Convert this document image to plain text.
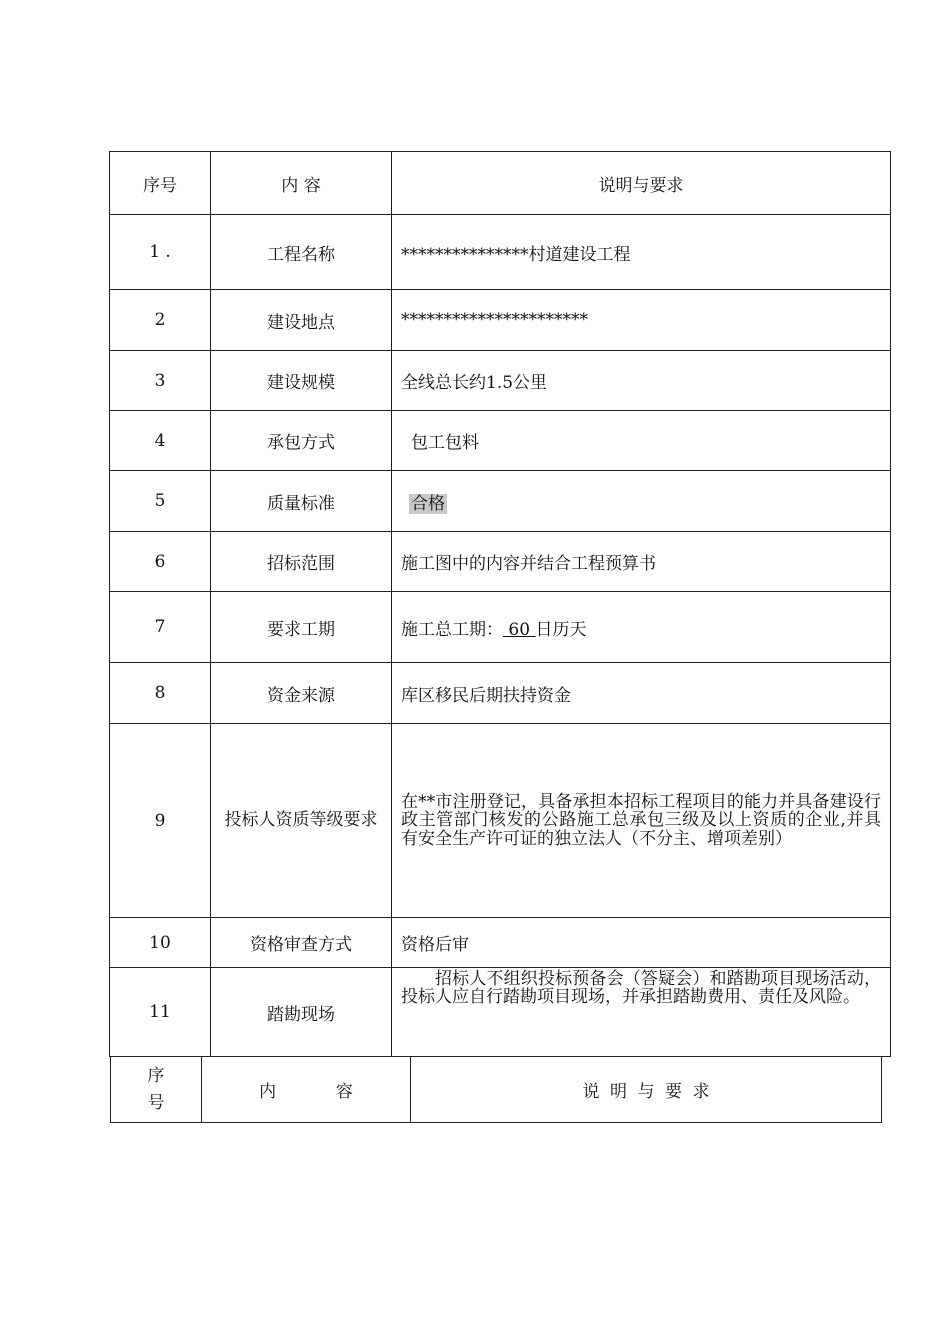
序号	内 容	说明与要求
1 .	工程名称	***************村道建设工程
2	建设地点	**********************
3	建设规模	全线总长约1.5公里
4	承包方式	包工包料
5	质量标准	合格
6	招标范围	施工图中的内容并结合工程预算书
7	要求工期	施工总工期： 60 日历天
8	资金来源	库区移民后期扶持资金
9	投标人资质等级要求	在**市注册登记，具备承担本招标工程项目的能力并具备建设行政主管部门核发的公路施工总承包三级及以上资质的企业,并具有安全生产许可证的独立法人（不分主、增项差别）
10	资格审查方式	资格后审
11	踏勘现场	招标人不组织投标预备会（答疑会）和踏勘项目现场活动，投标人应自行踏勘项目现场，并承担踏勘费用、责任及风险。
序号	内 容	说 明 与 要 求
